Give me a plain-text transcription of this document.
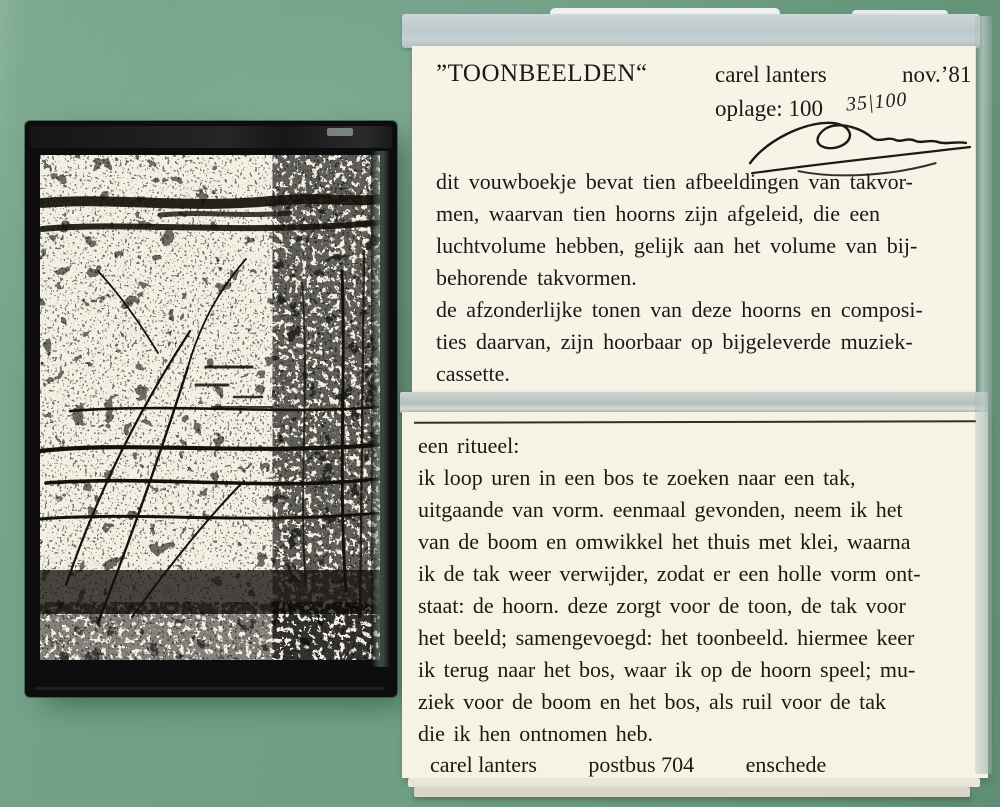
”TOONBEELDEN“	carel lanters	nov.’81
oplage: 100 35|100
dit vouwboekje bevat tien afbeeldingen van takvor-
men, waarvan tien hoorns zijn afgeleid, die een
luchtvolume hebben, gelijk aan het volume van bij-
behorende takvormen.
de afzonderlijke tonen van deze hoorns en composi-
ties daarvan, zijn hoorbaar op bijgeleverde muziek-
cassette.
een ritueel:
ik loop uren in een bos te zoeken naar een tak,
uitgaande van vorm. eenmaal gevonden, neem ik het
van de boom en omwikkel het thuis met klei, waarna
ik de tak weer verwijder, zodat er een holle vorm ont-
staat: de hoorn. deze zorgt voor de toon, de tak voor
het beeld; samengevoegd: het toonbeeld. hiermee keer
ik terug naar het bos, waar ik op de hoorn speel; mu-
ziek voor de boom en het bos, als ruil voor de tak
die ik hen ontnomen heb.
carel lanters postbus 704 enschede
